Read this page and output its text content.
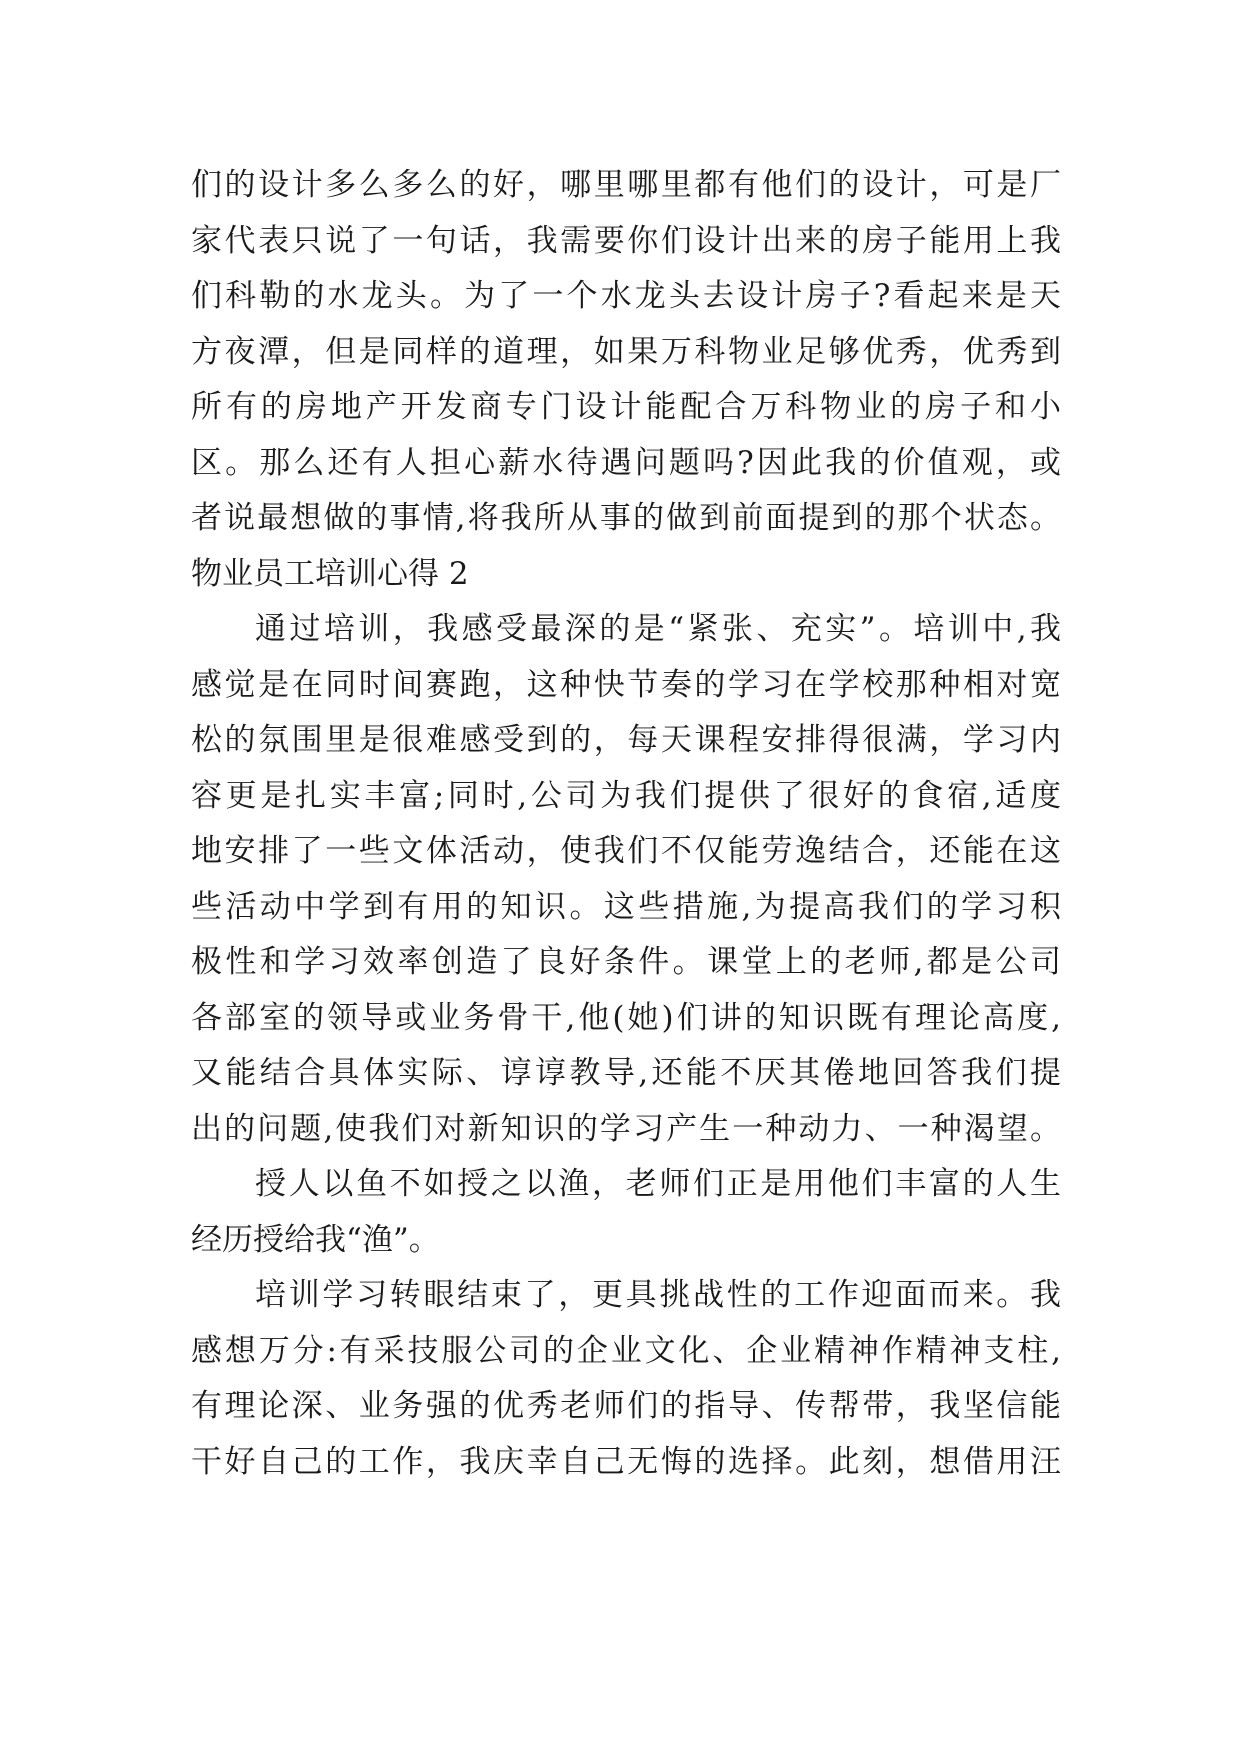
们的设计多么多么的好，哪里哪里都有他们的设计，可是厂
家代表只说了一句话，我需要你们设计出来的房子能用上我
们科勒的水龙头。为了一个水龙头去设计房子?看起来是天
方夜潭，但是同样的道理，如果万科物业足够优秀，优秀到
所有的房地产开发商专门设计能配合万科物业的房子和小
区。那么还有人担心薪水待遇问题吗?因此我的价值观，或
者说最想做的事情,将我所从事的做到前面提到的那个状态。
物业员工培训心得 2
通过培训，我感受最深的是“紧张、充实”。培训中,我
感觉是在同时间赛跑，这种快节奏的学习在学校那种相对宽
松的氛围里是很难感受到的，每天课程安排得很满，学习内
容更是扎实丰富;同时,公司为我们提供了很好的食宿,适度
地安排了一些文体活动，使我们不仅能劳逸结合，还能在这
些活动中学到有用的知识。这些措施,为提高我们的学习积
极性和学习效率创造了良好条件。课堂上的老师,都是公司
各部室的领导或业务骨干,他(她)们讲的知识既有理论高度,
又能结合具体实际、谆谆教导,还能不厌其倦地回答我们提
出的问题,使我们对新知识的学习产生一种动力、一种渴望。
授人以鱼不如授之以渔，老师们正是用他们丰富的人生
经历授给我“渔”。
培训学习转眼结束了，更具挑战性的工作迎面而来。我
感想万分:有采技服公司的企业文化、企业精神作精神支柱,
有理论深、业务强的优秀老师们的指导、传帮带，我坚信能
干好自己的工作，我庆幸自己无悔的选择。此刻，想借用汪
